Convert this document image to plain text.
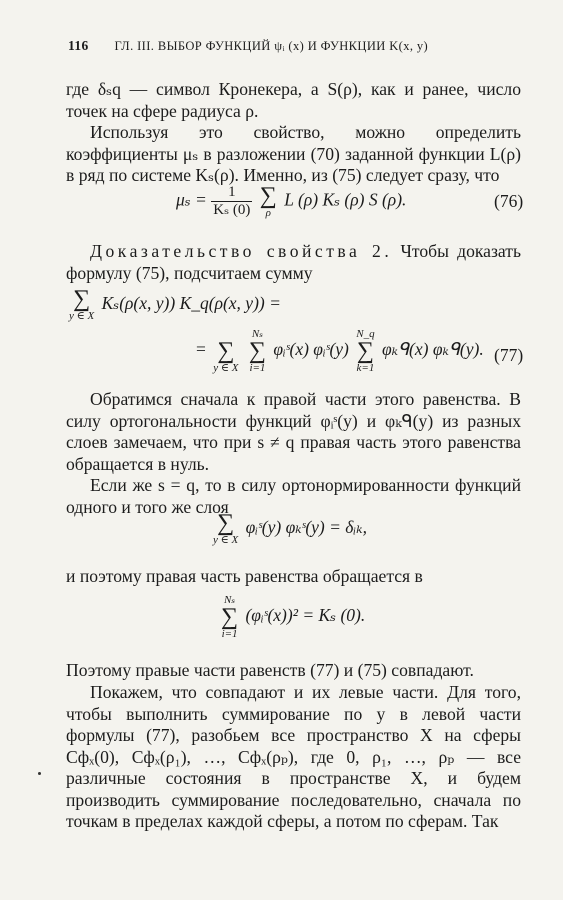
116 ГЛ. III. ВЫБОР ФУНКЦИЙ ψᵢ (x) И ФУНКЦИИ K(x, y)

где δₛq — символ Кронекера, а S(ρ), как и ранее, число точек на сфере радиуса ρ.

Используя это свойство, можно определить коэффициенты μₛ в разложении (70) заданной функции L(ρ) в ряд по системе Kₛ(ρ). Именно, из (75) следует сразу, что

$\mu_s = \frac{1}{\text{Kₛ (0)}}$
∑
ρ
L (ρ) Kₛ (ρ) S (ρ).	(76)

Доказательство свойства 2. Чтобы доказать формулу (75), подсчитаем сумму

∑
y ∈ X
Kₛ(ρ(x, y)) K_q(ρ(x, y)) =
=
∑
y ∈ X

Nₛ
∑
i=1
φᵢˢ(x) φᵢˢ(y)
N_q
∑
k=1
φₖᑫ(x) φₖᑫ(y). (77)

Обратимся сначала к правой части этого равенства. В силу ортогональности функций φᵢˢ(y) и φₖᑫ(y) из разных слоев замечаем, что при s ≠ q правая часть этого равенства обращается в нуль.

Если же s = q, то в силу ортонормированности функций одного и того же слоя

∑
y ∈ X
φᵢˢ(y) φₖˢ(y) = δᵢₖ,

и поэтому правая часть равенства обращается в

Nₛ
∑
i=1
(φᵢˢ(x))² = Kₛ (0).

Поэтому правые части равенств (77) и (75) совпадают.

Покажем, что совпадают и их левые части. Для того, чтобы выполнить суммирование по y в левой части формулы (77), разобьем все пространство X на сферы Сфₓ(0), Сфₓ(ρ₁), …, Сфₓ(ρₚ), где 0, ρ₁, …, ρₚ — все различные состояния в пространстве X, и будем производить суммирование последовательно, сначала по точкам в пределах каждой сферы, а потом по сферам. Так
